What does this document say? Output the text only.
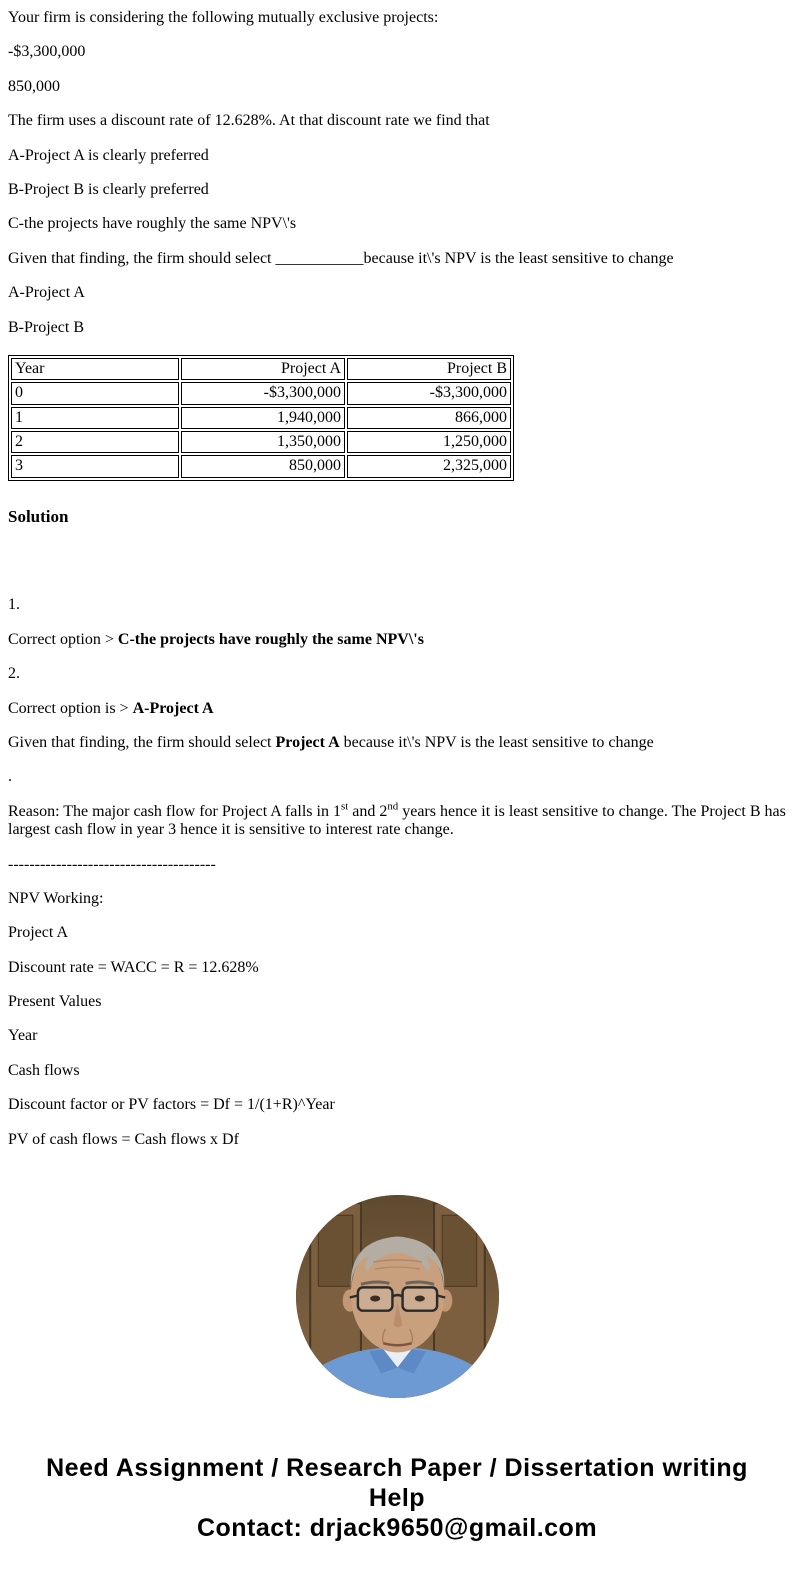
Your firm is considering the following mutually exclusive projects:

-$3,300,000

850,000

The firm uses a discount rate of 12.628%. At that discount rate we find that

A-Project A is clearly preferred

B-Project B is clearly preferred

C-the projects have roughly the same NPV\'s

Given that finding, the firm should select ___________because it\'s NPV is the least sensitive to change

A-Project A

B-Project B

Year	Project A	Project B
0	-$3,300,000	-$3,300,000
1	1,940,000	866,000
2	1,350,000	1,250,000
3	850,000	2,325,000

Solution

1.

Correct option > C-the projects have roughly the same NPV\'s

2.

Correct option is > A-Project A

Given that finding, the firm should select Project A because it\'s NPV is the least sensitive to change

.

Reason: The major cash flow for Project A falls in 1st and 2nd years hence it is least sensitive to change. The Project B has largest cash flow in year 3 hence it is sensitive to interest rate change.

---------------------------------------

NPV Working:

Project A

Discount rate = WACC = R = 12.628%

Present Values

Year

Cash flows

Discount factor or PV factors = Df = 1/(1+R)^Year

PV of cash flows = Cash flows x Df

Need Assignment / Research Paper / Dissertation writing Help
Contact: drjack9650@gmail.com
